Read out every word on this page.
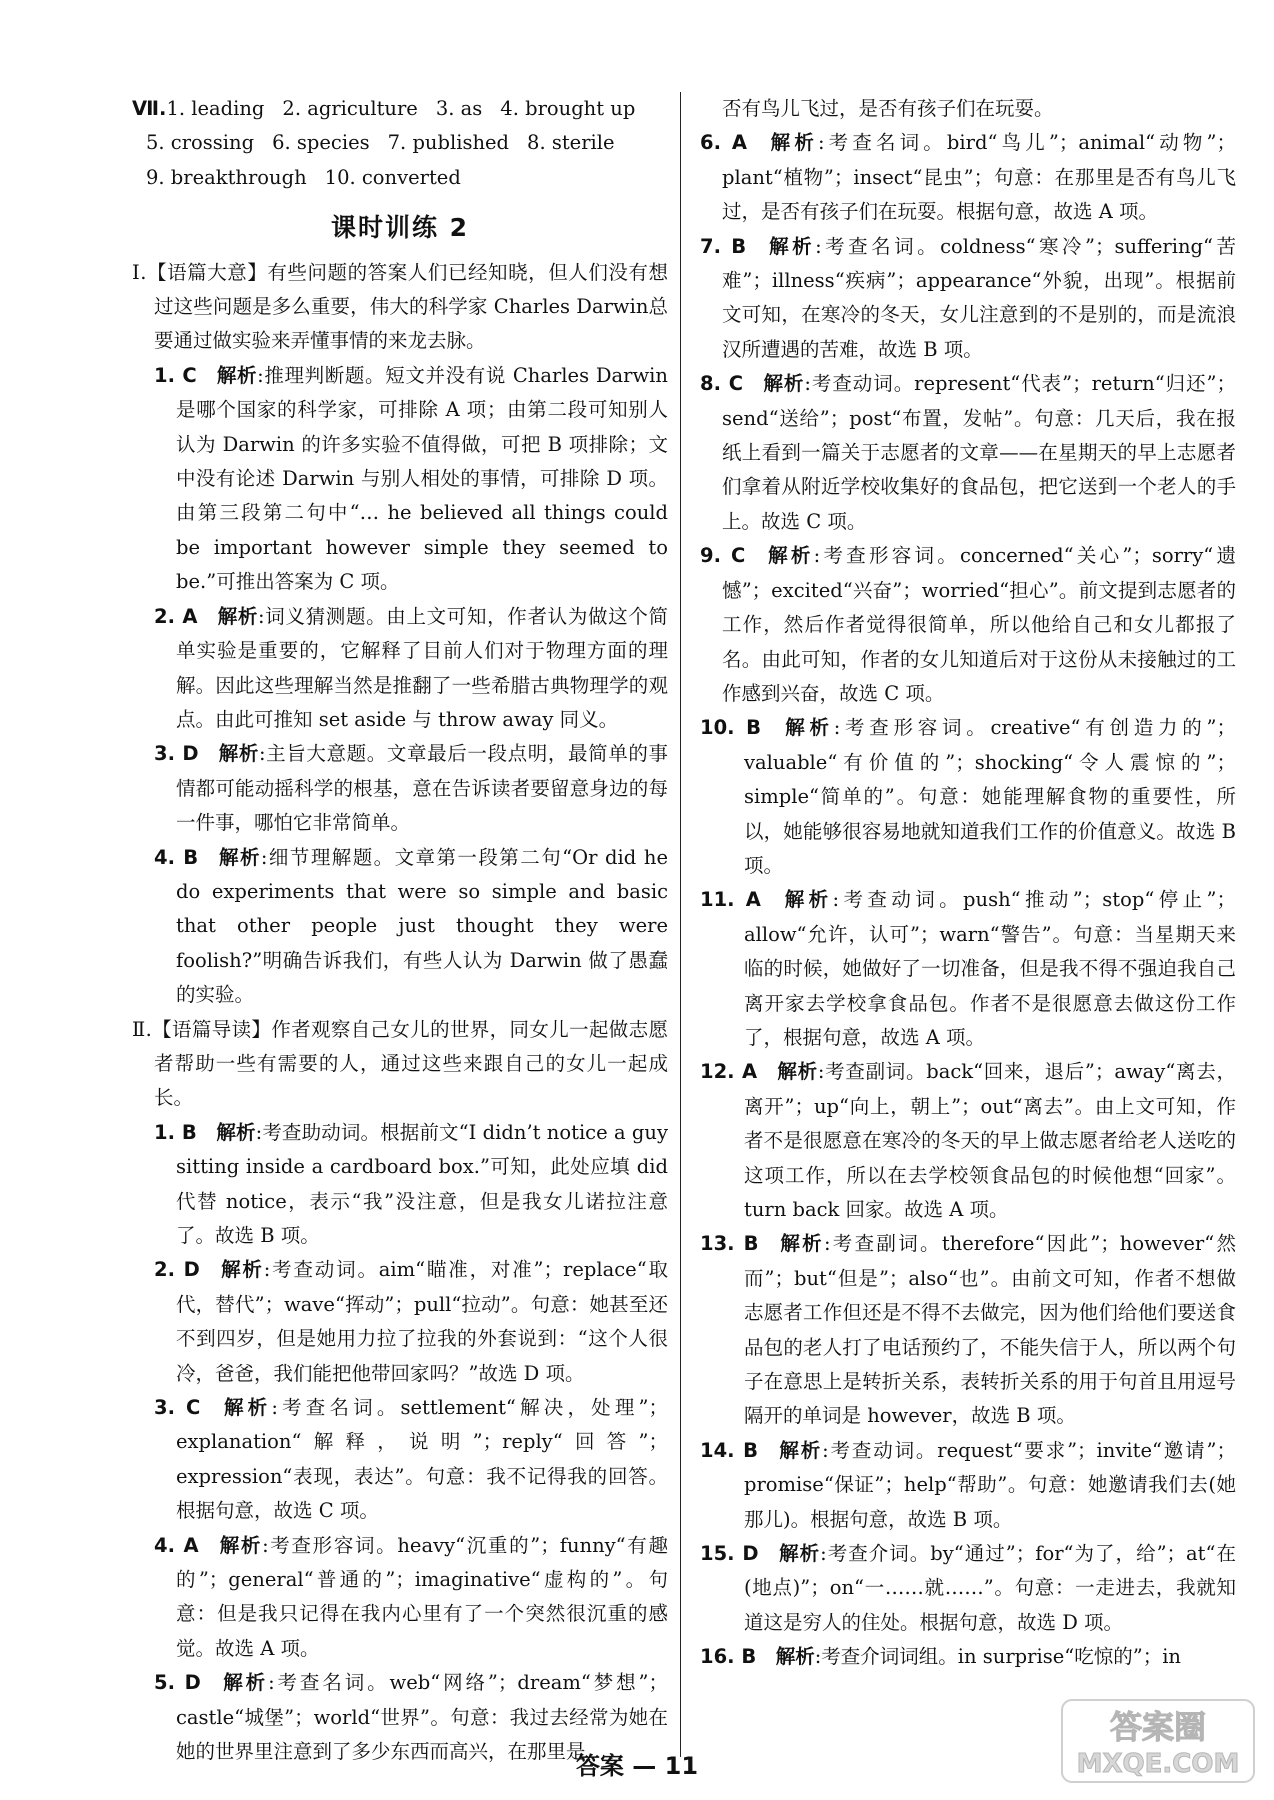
Ⅶ.1. leading 2. agriculture 3. as 4. brought up
5. crossing 6. species 7. published 8. sterile
9. breakthrough 10. converted
课时训练 2
Ⅰ.【语篇大意】有些问题的答案人们已经知晓，但人们没有想过这些问题是多么重要，伟大的科学家 Charles Darwin总要通过做实验来弄懂事情的来龙去脉。
1. C  解析:推理判断题。短文并没有说 Charles Darwin是哪个国家的科学家，可排除 A 项；由第二段可知别人认为 Darwin 的许多实验不值得做，可把 B 项排除；文中没有论述 Darwin 与别人相处的事情，可排除 D 项。由第三段第二句中“… he believed all things could be important however simple they seemed to be.”可推出答案为 C 项。
2. A  解析:词义猜测题。由上文可知，作者认为做这个简单实验是重要的，它解释了目前人们对于物理方面的理解。因此这些理解当然是推翻了一些希腊古典物理学的观点。由此可推知 set aside 与 throw away 同义。
3. D  解析:主旨大意题。文章最后一段点明，最简单的事情都可能动摇科学的根基，意在告诉读者要留意身边的每一件事，哪怕它非常简单。
4. B  解析:细节理解题。文章第一段第二句“Or did he do experiments that were so simple and basic that other people just thought they were foolish?”明确告诉我们，有些人认为 Darwin 做了愚蠢的实验。
Ⅱ.【语篇导读】作者观察自己女儿的世界，同女儿一起做志愿者帮助一些有需要的人，通过这些来跟自己的女儿一起成长。
1. B  解析:考查助动词。根据前文“I didn’t notice a guy sitting inside a cardboard box.”可知，此处应填 did 代替 notice，表示“我”没注意，但是我女儿诺拉注意了。故选 B 项。
2. D  解析:考查动词。aim“瞄准，对准”；replace“取代，替代”；wave“挥动”；pull“拉动”。句意：她甚至还不到四岁，但是她用力拉了拉我的外套说到：“这个人很冷，爸爸，我们能把他带回家吗？”故选 D 项。
3. C  解析:考查名词。settlement“解决，处理”；explanation“解释，说明”；reply“回答”；expression“表现，表达”。句意：我不记得我的回答。根据句意，故选 C 项。
4. A  解析:考查形容词。heavy“沉重的”；funny“有趣的”；general“普通的”；imaginative“虚构的”。句意：但是我只记得在我内心里有了一个突然很沉重的感觉。故选 A 项。
5. D  解析:考查名词。web“网络”；dream“梦想”；castle“城堡”；world“世界”。句意：我过去经常为她在她的世界里注意到了多少东西而高兴，在那里是
否有鸟儿飞过，是否有孩子们在玩耍。
6. A  解析:考查名词。bird“鸟儿”；animal“动物”；plant“植物”；insect“昆虫”；句意：在那里是否有鸟儿飞过，是否有孩子们在玩耍。根据句意，故选 A 项。
7. B  解析:考查名词。coldness“寒冷”；suffering“苦难”；illness“疾病”；appearance“外貌，出现”。根据前文可知，在寒冷的冬天，女儿注意到的不是别的，而是流浪汉所遭遇的苦难，故选 B 项。
8. C  解析:考查动词。represent“代表”；return“归还”；send“送给”；post“布置，发帖”。句意：几天后，我在报纸上看到一篇关于志愿者的文章——在星期天的早上志愿者们拿着从附近学校收集好的食品包，把它送到一个老人的手上。故选 C 项。
9. C  解析:考查形容词。concerned“关心”；sorry“遗憾”；excited“兴奋”；worried“担心”。前文提到志愿者的工作，然后作者觉得很简单，所以他给自己和女儿都报了名。由此可知，作者的女儿知道后对于这份从未接触过的工作感到兴奋，故选 C 项。
10. B  解析:考查形容词。creative“有创造力的”；valuable“有价值的”；shocking“令人震惊的”；simple“简单的”。句意：她能理解食物的重要性，所以，她能够很容易地就知道我们工作的价值意义。故选 B 项。
11. A  解析:考查动词。push“推动”；stop“停止”；allow“允许，认可”；warn“警告”。句意：当星期天来临的时候，她做好了一切准备，但是我不得不强迫我自己离开家去学校拿食品包。作者不是很愿意去做这份工作了，根据句意，故选 A 项。
12. A  解析:考查副词。back“回来，退后”；away“离去，离开”；up“向上，朝上”；out“离去”。由上文可知，作者不是很愿意在寒冷的冬天的早上做志愿者给老人送吃的这项工作，所以在去学校领食品包的时候他想“回家”。turn back 回家。故选 A 项。
13. B  解析:考查副词。therefore“因此”；however“然而”；but“但是”；also“也”。由前文可知，作者不想做志愿者工作但还是不得不去做完，因为他们给他们要送食品包的老人打了电话预约了，不能失信于人，所以两个句子在意思上是转折关系，表转折关系的用于句首且用逗号隔开的单词是 however，故选 B 项。
14. B  解析:考查动词。request“要求”；invite“邀请”；promise“保证”；help“帮助”。句意：她邀请我们去(她那儿)。根据句意，故选 B 项。
15. D  解析:考查介词。by“通过”；for“为了，给”；at“在(地点)”；on“一……就……”。句意：一走进去，我就知道这是穷人的住处。根据句意，故选 D 项。
16. B  解析:考查介词词组。in surprise“吃惊的”；in
答案 — 11
答案圈
MXQE.COM
